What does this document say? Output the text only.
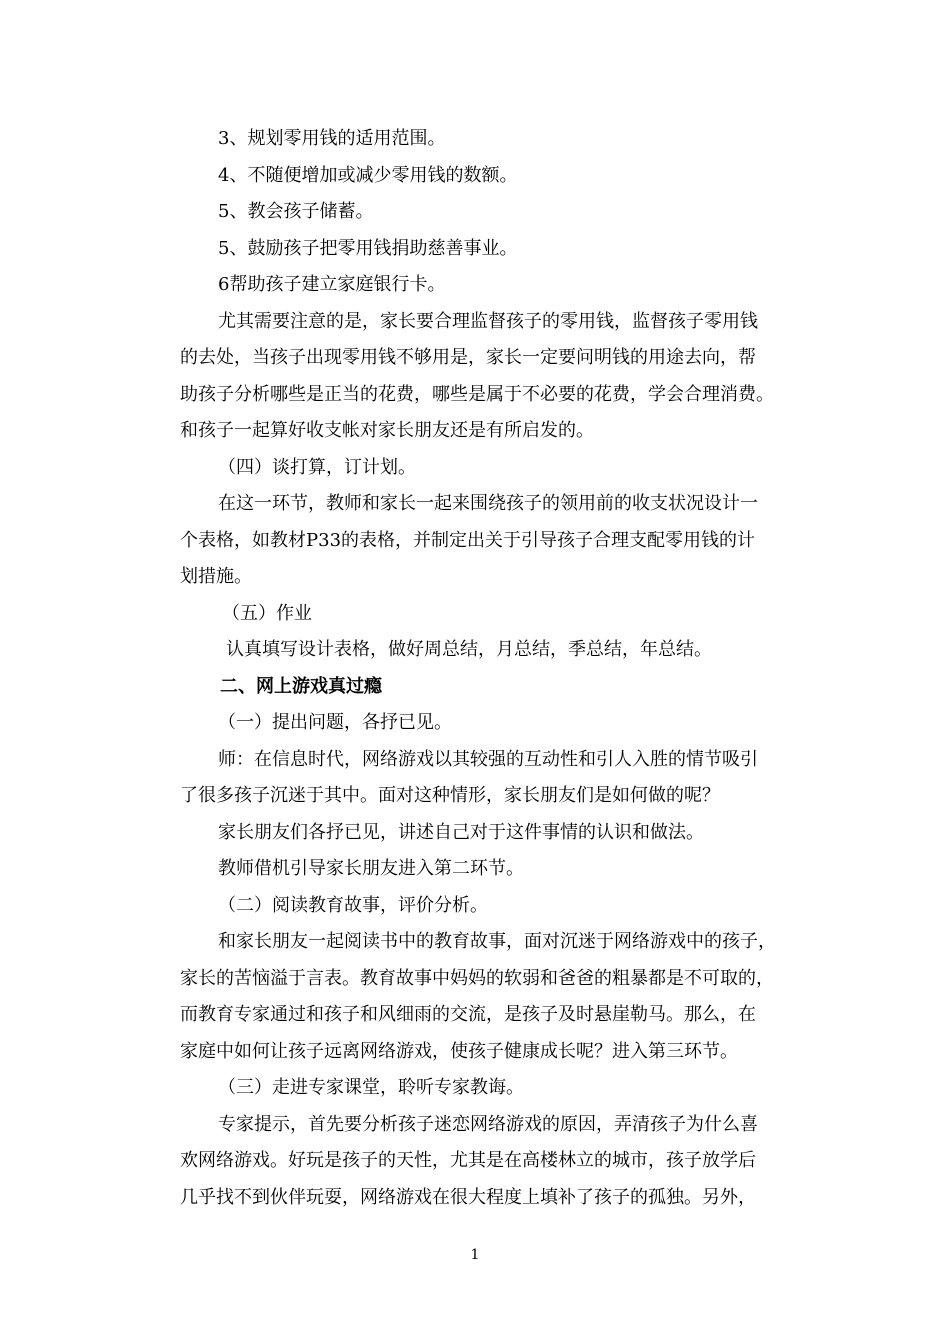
3、规划零用钱的适用范围。
4、不随便增加或减少零用钱的数额。
5、教会孩子储蓄。
5、鼓励孩子把零用钱捐助慈善事业。
6帮助孩子建立家庭银行卡。
尤其需要注意的是，家长要合理监督孩子的零用钱，监督孩子零用钱
的去处，当孩子出现零用钱不够用是，家长一定要问明钱的用途去向，帮
助孩子分析哪些是正当的花费，哪些是属于不必要的花费，学会合理消费。
和孩子一起算好收支帐对家长朋友还是有所启发的。
（四）谈打算，订计划。
在这一环节，教师和家长一起来围绕孩子的领用前的收支状况设计一
个表格，如教材P33的表格，并制定出关于引导孩子合理支配零用钱的计
划措施。
（五）作业
认真填写设计表格，做好周总结，月总结，季总结，年总结。
二、网上游戏真过瘾
（一）提出问题，各抒已见。
师：在信息时代，网络游戏以其较强的互动性和引人入胜的情节吸引
了很多孩子沉迷于其中。面对这种情形，家长朋友们是如何做的呢？
家长朋友们各抒已见，讲述自己对于这件事情的认识和做法。
教师借机引导家长朋友进入第二环节。
（二）阅读教育故事，评价分析。
和家长朋友一起阅读书中的教育故事，面对沉迷于网络游戏中的孩子，
家长的苦恼溢于言表。教育故事中妈妈的软弱和爸爸的粗暴都是不可取的，
而教育专家通过和孩子和风细雨的交流，是孩子及时悬崖勒马。那么，在
家庭中如何让孩子远离网络游戏，使孩子健康成长呢？进入第三环节。
（三）走进专家课堂，聆听专家教诲。
专家提示，首先要分析孩子迷恋网络游戏的原因，弄清孩子为什么喜
欢网络游戏。好玩是孩子的天性，尤其是在高楼林立的城市，孩子放学后
几乎找不到伙伴玩耍，网络游戏在很大程度上填补了孩子的孤独。另外，
1
